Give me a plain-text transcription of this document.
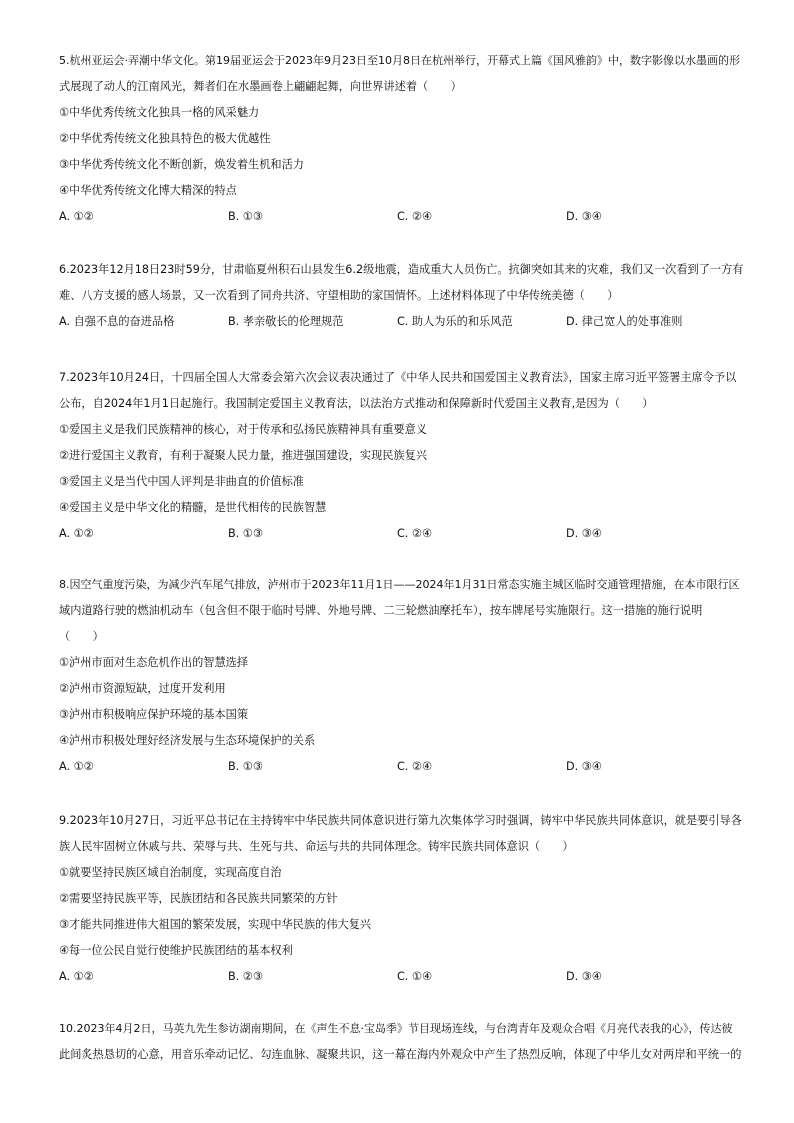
5.杭州亚运会·弄潮中华文化。第19届亚运会于2023年9月23日至10月8日在杭州举行，开幕式上篇《国风雅韵》中，数字影像以水墨画的形

式展现了动人的江南风光，舞者们在水墨画卷上翩翩起舞，向世界讲述着（　　）

①中华优秀传统文化独具一格的风采魅力
②中华优秀传统文化独具特色的极大优越性
③中华优秀传统文化不断创新，焕发着生机和活力
④中华优秀传统文化博大精深的特点
A. ①②	B. ①③	C. ②④	D. ③④

6.2023年12月18日23时59分，甘肃临夏州积石山县发生6.2级地震，造成重大人员伤亡。抗御突如其来的灾难，我们又一次看到了一方有

难、八方支援的感人场景，又一次看到了同舟共济、守望相助的家国情怀。上述材料体现了中华传统美德（　　）

A. 自强不息的奋进品格	B. 孝亲敬长的伦理规范	C. 助人为乐的和乐风范	D. 律己宽人的处事准则

7.2023年10月24日，十四届全国人大常委会第六次会议表决通过了《中华人民共和国爱国主义教育法》，国家主席习近平签署主席令予以

公布，自2024年1月1日起施行。我国制定爱国主义教育法，以法治方式推动和保障新时代爱国主义教育,是因为（　　）

①爱国主义是我们民族精神的核心，对于传承和弘扬民族精神具有重要意义
②进行爱国主义教育，有利于凝聚人民力量，推进强国建设，实现民族复兴
③爱国主义是当代中国人评判是非曲直的价值标准
④爱国主义是中华文化的精髓，是世代相传的民族智慧
A. ①②	B. ①③	C. ②④	D. ③④

8.因空气重度污染，为减少汽车尾气排放，泸州市于2023年11月1日——2024年1月31日常态实施主城区临时交通管理措施，在本市限行区

域内道路行驶的燃油机动车（包含但不限于临时号牌、外地号牌、二三轮燃油摩托车），按车牌尾号实施限行。这一措施的施行说明

（　　）

①泸州市面对生态危机作出的智慧选择
②泸州市资源短缺，过度开发利用
③泸州市积极响应保护环境的基本国策
④泸州市积极处理好经济发展与生态环境保护的关系
A. ①②	B. ①③	C. ②④	D. ③④

9.2023年10月27日，习近平总书记在主持铸牢中华民族共同体意识进行第九次集体学习时强调，铸牢中华民族共同体意识，就是要引导各

族人民牢固树立休戚与共、荣辱与共、生死与共、命运与共的共同体理念。铸牢民族共同体意识（　　）

①就要坚持民族区域自治制度，实现高度自治
②需要坚持民族平等，民族团结和各民族共同繁荣的方针
③才能共同推进伟大祖国的繁荣发展，实现中华民族的伟大复兴
④每一位公民自觉行使维护民族团结的基本权利
A. ①②	B. ②③	C. ①④	D. ③④

10.2023年4月2日，马英九先生参访湖南期间，在《声生不息·宝岛季》节目现场连线，与台湾青年及观众合唱《月亮代表我的心》，传达彼

此间炙热恳切的心意，用音乐牵动记忆、勾连血脉、凝聚共识，这一幕在海内外观众中产生了热烈反响，体现了中华儿女对两岸和平统一的
